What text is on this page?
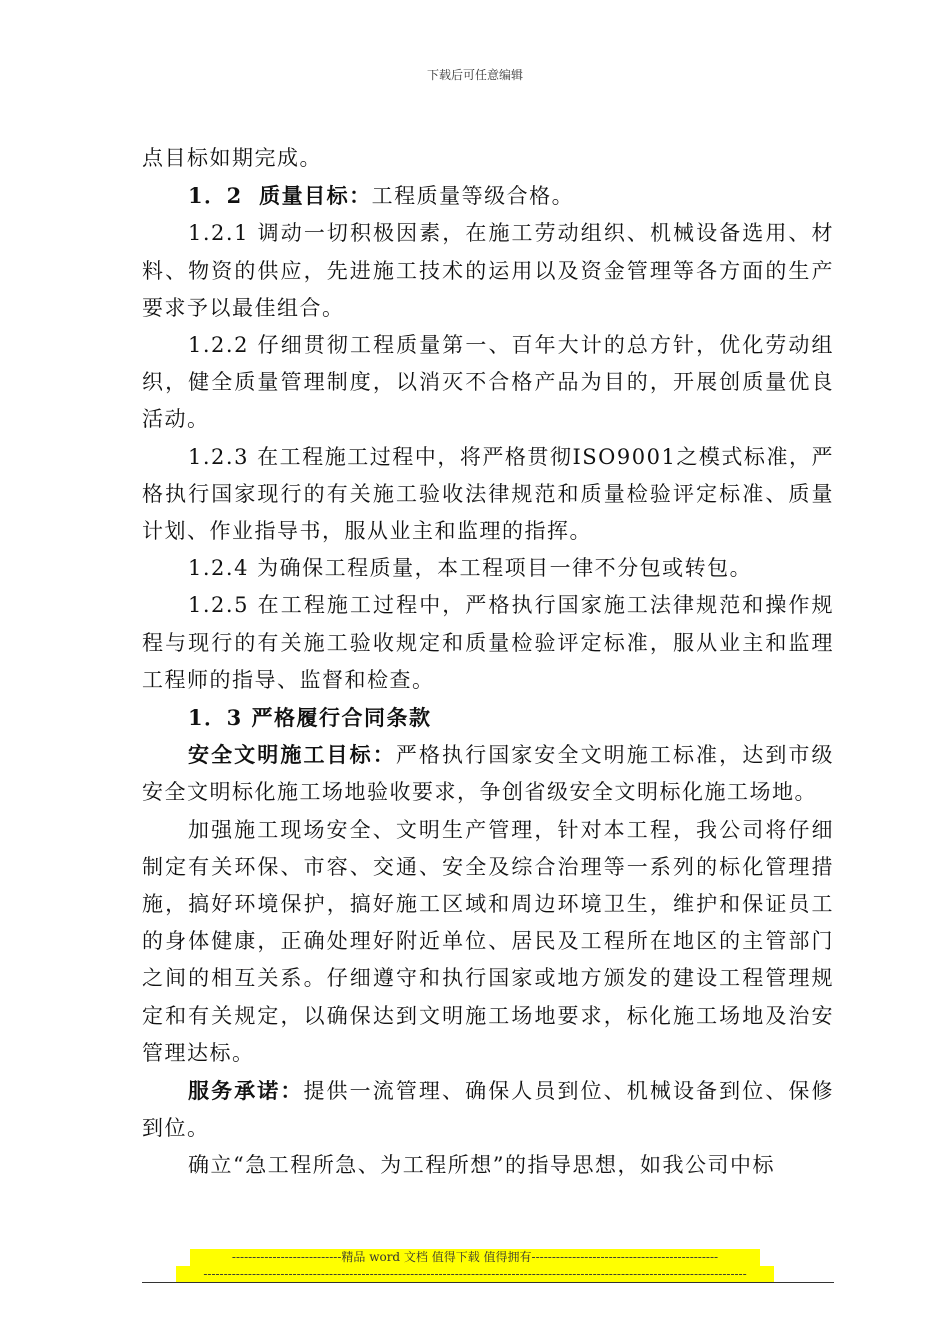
下载后可任意编辑

点目标如期完成。

1．2 质量目标：工程质量等级合格。

1.2.1 调动一切积极因素，在施工劳动组织、机械设备选用、材料、物资的供应，先进施工技术的运用以及资金管理等各方面的生产要求予以最佳组合。

1.2.2 仔细贯彻工程质量第一、百年大计的总方针，优化劳动组织，健全质量管理制度，以消灭不合格产品为目的，开展创质量优良活动。

1.2.3 在工程施工过程中，将严格贯彻ISO9001之模式标准，严格执行国家现行的有关施工验收法律规范和质量检验评定标准、质量计划、作业指导书，服从业主和监理的指挥。

1.2.4 为确保工程质量，本工程项目一律不分包或转包。

1.2.5 在工程施工过程中，严格执行国家施工法律规范和操作规程与现行的有关施工验收规定和质量检验评定标准，服从业主和监理工程师的指导、监督和检查。

1．3 严格履行合同条款

安全文明施工目标：严格执行国家安全文明施工标准，达到市级安全文明标化施工场地验收要求，争创省级安全文明标化施工场地。

加强施工现场安全、文明生产管理，针对本工程，我公司将仔细制定有关环保、市容、交通、安全及综合治理等一系列的标化管理措施，搞好环境保护，搞好施工区域和周边环境卫生，维护和保证员工的身体健康，正确处理好附近单位、居民及工程所在地区的主管部门之间的相互关系。仔细遵守和执行国家或地方颁发的建设工程管理规定和有关规定，以确保达到文明施工场地要求，标化施工场地及治安管理达标。

服务承诺：提供一流管理、确保人员到位、机械设备到位、保修到位。

确立“急工程所急、为工程所想”的指导思想，如我公司中标

---------------------------精品 word 文档 值得下载 值得拥有----------------------------------------------
--------------------------------------------------------------------------------------------------------------------------------------
